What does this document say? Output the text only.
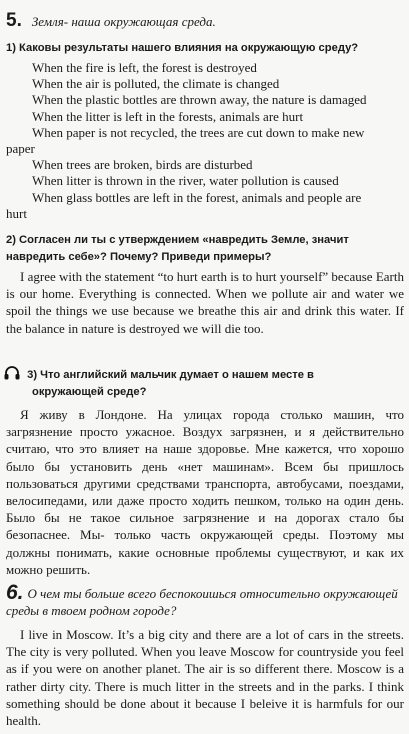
5. Земля- наша окружающая среда.
1) Каковы результаты нашего влияния на окружающую среду?
When the fire is left, the forest is destroyed
When the air is polluted, the climate is changed
When the plastic bottles are thrown away, the nature is damaged
When the litter is left in the forests, animals are hurt
When paper is not recycled, the trees are cut down to make new
paper
When trees are broken, birds are disturbed
When litter is thrown in the river, water pollution is caused
When glass bottles are left in the forest, animals and people are
hurt
2) Согласен ли ты с утверждением «навредить Земле, значит
навредить себе»? Почему? Приведи примеры?

I agree with the statement “to hurt earth is to hurt yourself” because Earth is our home. Everything is connected. When we pollute air and water we spoil the things we use because we breathe this air and drink this water. If the balance in nature is destroyed we will die too.

3) Что английский мальчик думает о нашем месте в
окружающей среде?

Я живу в Лондоне. На улицах города столько машин, что загрязнение просто ужасное. Воздух загрязнен, и я действительно считаю, что это влияет на наше здоровье. Мне кажется, что хорошо было бы установить день «нет машинам». Всем бы пришлось пользоваться другими средствами транспорта, автобусами, поездами, велосипедами, или даже просто ходить пешком, только на один день. Было бы не такое сильное загрязнение и на дорогах стало бы безопаснее. Мы- только часть окружающей среды. Поэтому мы должны понимать, какие основные проблемы существуют, и как их можно решить.

6. О чем ты больше всего беспокоишься относительно окружающей среды в твоем родном городе?

I live in Moscow. It’s a big city and there are a lot of cars in the streets. The city is very polluted. When you leave Moscow for countryside you feel as if you were on another planet. The air is so different there. Moscow is a rather dirty city. There is much litter in the streets and in the parks. I think something should be done about it because I beleive it is harmfuls for our health.
